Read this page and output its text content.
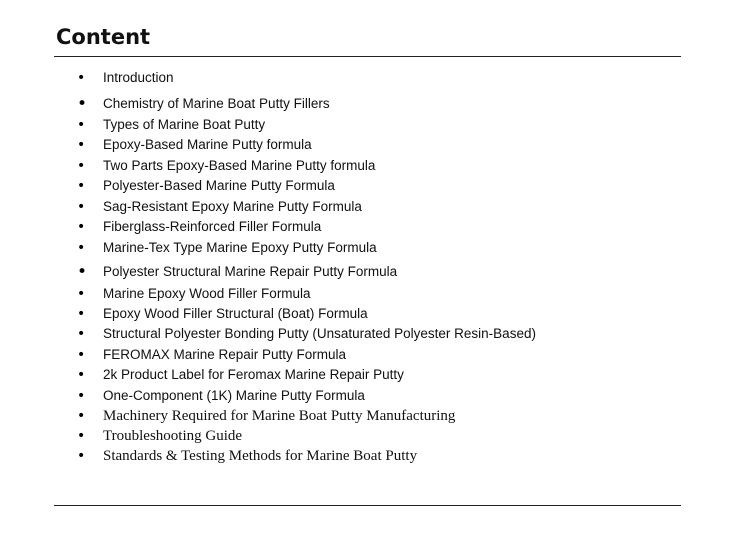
Content
•	Introduction
•	Chemistry of Marine Boat Putty Fillers
•	Types of Marine Boat Putty
•	Epoxy-Based Marine Putty formula
•	Two Parts Epoxy-Based Marine Putty formula
•	Polyester-Based Marine Putty Formula
•	Sag-Resistant Epoxy Marine Putty Formula
•	Fiberglass-Reinforced Filler Formula
•	Marine-Tex Type Marine Epoxy Putty Formula
•	Polyester Structural Marine Repair Putty Formula
•	Marine Epoxy Wood Filler Formula
•	Epoxy Wood Filler Structural (Boat) Formula
•	Structural Polyester Bonding Putty (Unsaturated Polyester Resin-Based)
•	FEROMAX Marine Repair Putty Formula
•	2k Product Label for Feromax Marine Repair Putty
•	One-Component (1K) Marine Putty Formula
•	Machinery Required for Marine Boat Putty Manufacturing
•	Troubleshooting Guide
•	Standards & Testing Methods for Marine Boat Putty
